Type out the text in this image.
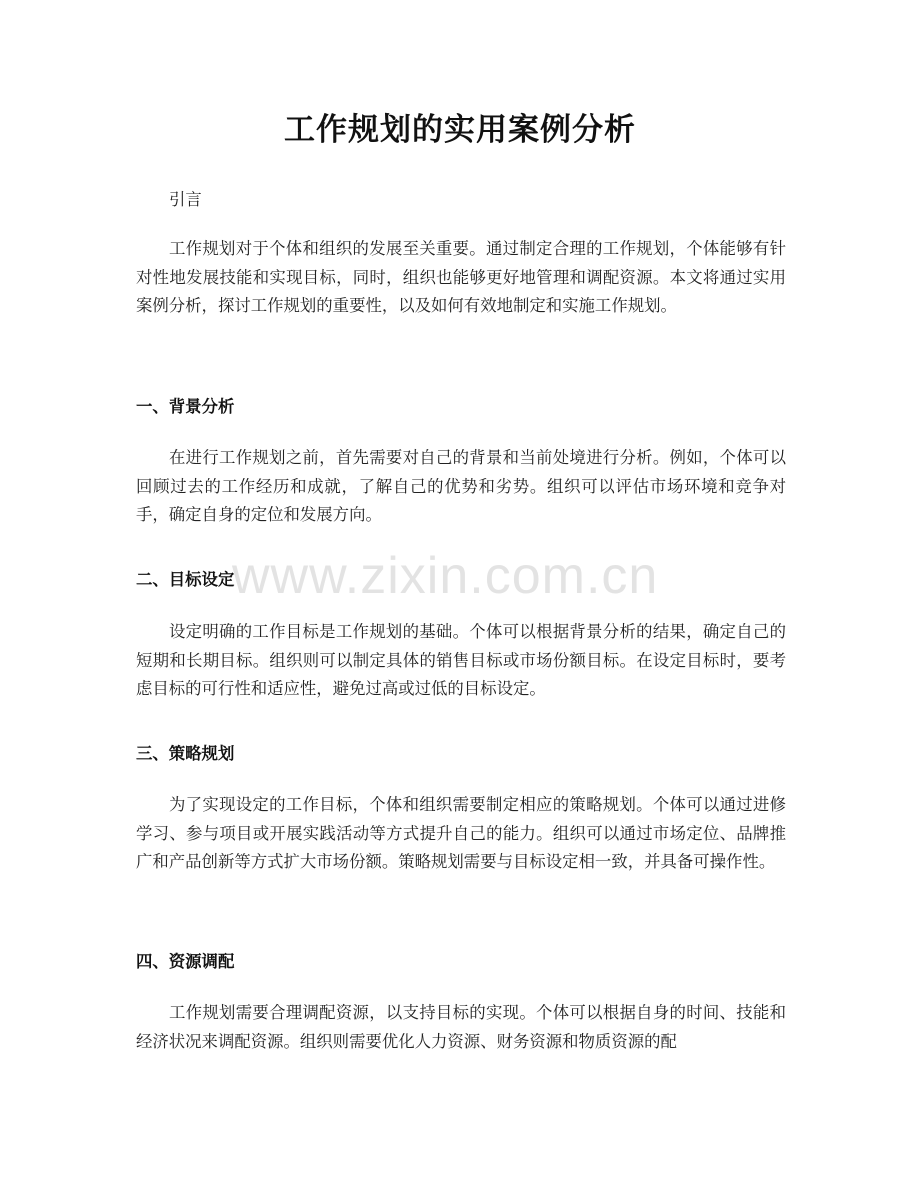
工作规划的实用案例分析

引言

工作规划对于个体和组织的发展至关重要。通过制定合理的工作规划，个体能够有针对性地发展技能和实现目标，同时，组织也能够更好地管理和调配资源。本文将通过实用案例分析，探讨工作规划的重要性，以及如何有效地制定和实施工作规划。

一、背景分析

在进行工作规划之前，首先需要对自己的背景和当前处境进行分析。例如，个体可以回顾过去的工作经历和成就，了解自己的优势和劣势。组织可以评估市场环境和竞争对手，确定自身的定位和发展方向。

二、目标设定

设定明确的工作目标是工作规划的基础。个体可以根据背景分析的结果，确定自己的短期和长期目标。组织则可以制定具体的销售目标或市场份额目标。在设定目标时，要考虑目标的可行性和适应性，避免过高或过低的目标设定。

三、策略规划

为了实现设定的工作目标，个体和组织需要制定相应的策略规划。个体可以通过进修学习、参与项目或开展实践活动等方式提升自己的能力。组织可以通过市场定位、品牌推广和产品创新等方式扩大市场份额。策略规划需要与目标设定相一致，并具备可操作性。

四、资源调配

工作规划需要合理调配资源，以支持目标的实现。个体可以根据自身的时间、技能和经济状况来调配资源。组织则需要优化人力资源、财务资源和物质资源的配

www.zixin.com.cn
